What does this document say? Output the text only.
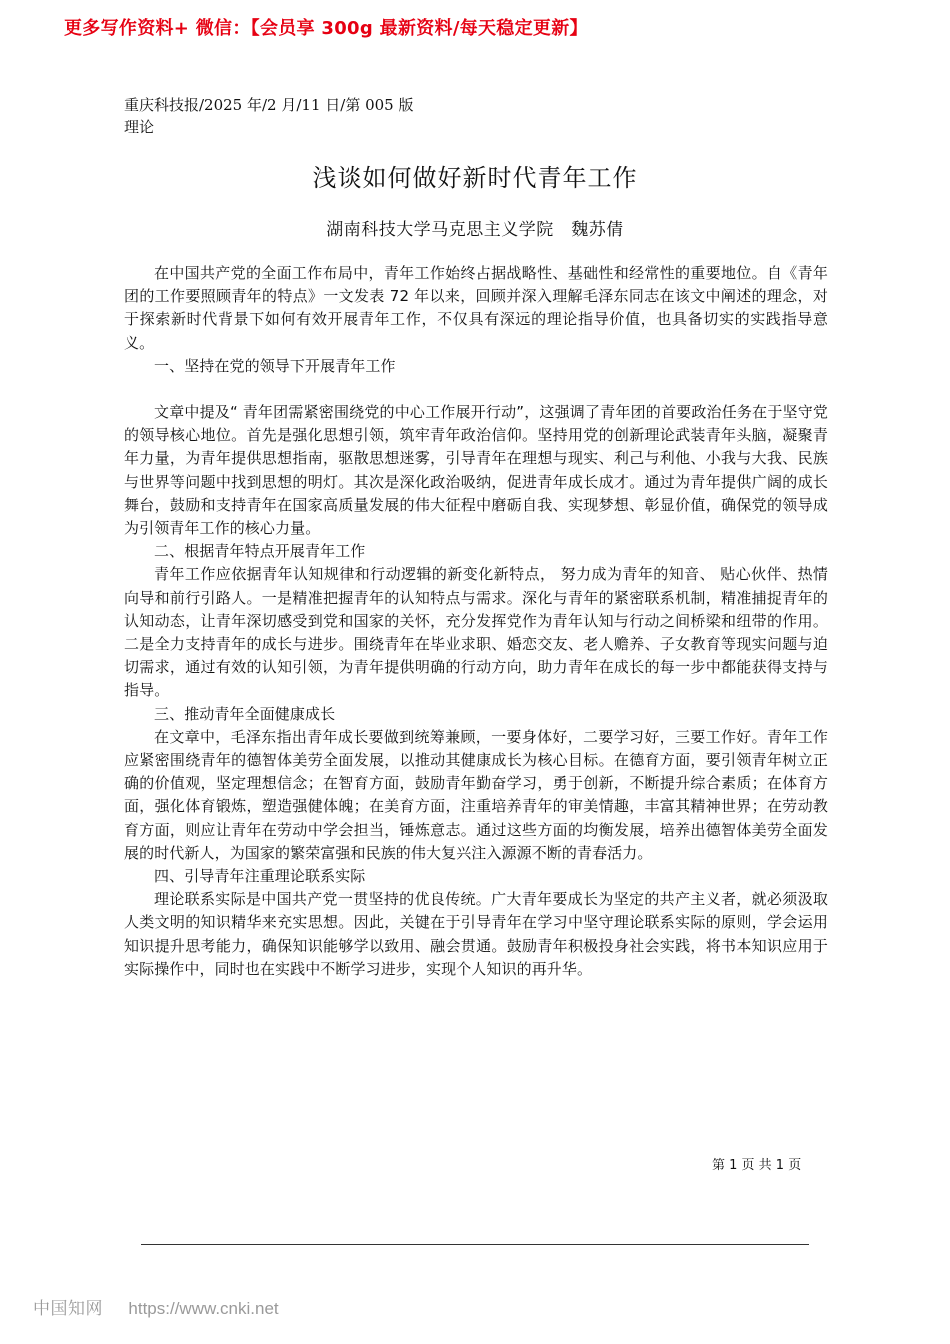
更多写作资料+ 微信：【会员享 300g 最新资料/每天稳定更新】
重庆科技报/2025 年/2 月/11 日/第 005 版理论
浅谈如何做好新时代青年工作
湖南科技大学马克思主义学院　魏苏倩

在中国共产党的全面工作布局中，青年工作始终占据战略性、基础性和经常性的重要地位。自《青年团的工作要照顾青年的特点》一文发表 72 年以来，回顾并深入理解毛泽东同志在该文中阐述的理念，对于探索新时代背景下如何有效开展青年工作，不仅具有深远的理论指导价值，也具备切实的实践指导意义。

一、坚持在党的领导下开展青年工作

文章中提及“ 青年团需紧密围绕党的中心工作展开行动”，这强调了青年团的首要政治任务在于坚守党的领导核心地位。首先是强化思想引领，筑牢青年政治信仰。坚持用党的创新理论武装青年头脑，凝聚青年力量，为青年提供思想指南，驱散思想迷雾，引导青年在理想与现实、利己与利他、小我与大我、民族与世界等问题中找到思想的明灯。其次是深化政治吸纳，促进青年成长成才。通过为青年提供广阔的成长舞台，鼓励和支持青年在国家高质量发展的伟大征程中磨砺自我、实现梦想、彰显价值，确保党的领导成为引领青年工作的核心力量。

二、根据青年特点开展青年工作

青年工作应依据青年认知规律和行动逻辑的新变化新特点， 努力成为青年的知音、 贴心伙伴、热情向导和前行引路人。一是精准把握青年的认知特点与需求。深化与青年的紧密联系机制，精准捕捉青年的认知动态，让青年深切感受到党和国家的关怀，充分发挥党作为青年认知与行动之间桥梁和纽带的作用。二是全力支持青年的成长与进步。围绕青年在毕业求职、婚恋交友、老人赡养、子女教育等现实问题与迫切需求，通过有效的认知引领，为青年提供明确的行动方向，助力青年在成长的每一步中都能获得支持与指导。

三、推动青年全面健康成长

在文章中，毛泽东指出青年成长要做到统筹兼顾，一要身体好，二要学习好，三要工作好。青年工作应紧密围绕青年的德智体美劳全面发展，以推动其健康成长为核心目标。在德育方面，要引领青年树立正确的价值观，坚定理想信念；在智育方面，鼓励青年勤奋学习，勇于创新，不断提升综合素质；在体育方面，强化体育锻炼，塑造强健体魄；在美育方面，注重培养青年的审美情趣，丰富其精神世界；在劳动教育方面，则应让青年在劳动中学会担当，锤炼意志。通过这些方面的均衡发展，培养出德智体美劳全面发展的时代新人，为国家的繁荣富强和民族的伟大复兴注入源源不断的青春活力。

四、引导青年注重理论联系实际

理论联系实际是中国共产党一贯坚持的优良传统。广大青年要成长为坚定的共产主义者，就必须汲取人类文明的知识精华来充实思想。因此，关键在于引导青年在学习中坚守理论联系实际的原则，学会运用知识提升思考能力，确保知识能够学以致用、融会贯通。鼓励青年积极投身社会实践，将书本知识应用于实际操作中，同时也在实践中不断学习进步，实现个人知识的再升华。

第 1 页 共 1 页
中国知网 https://www.cnki.net
